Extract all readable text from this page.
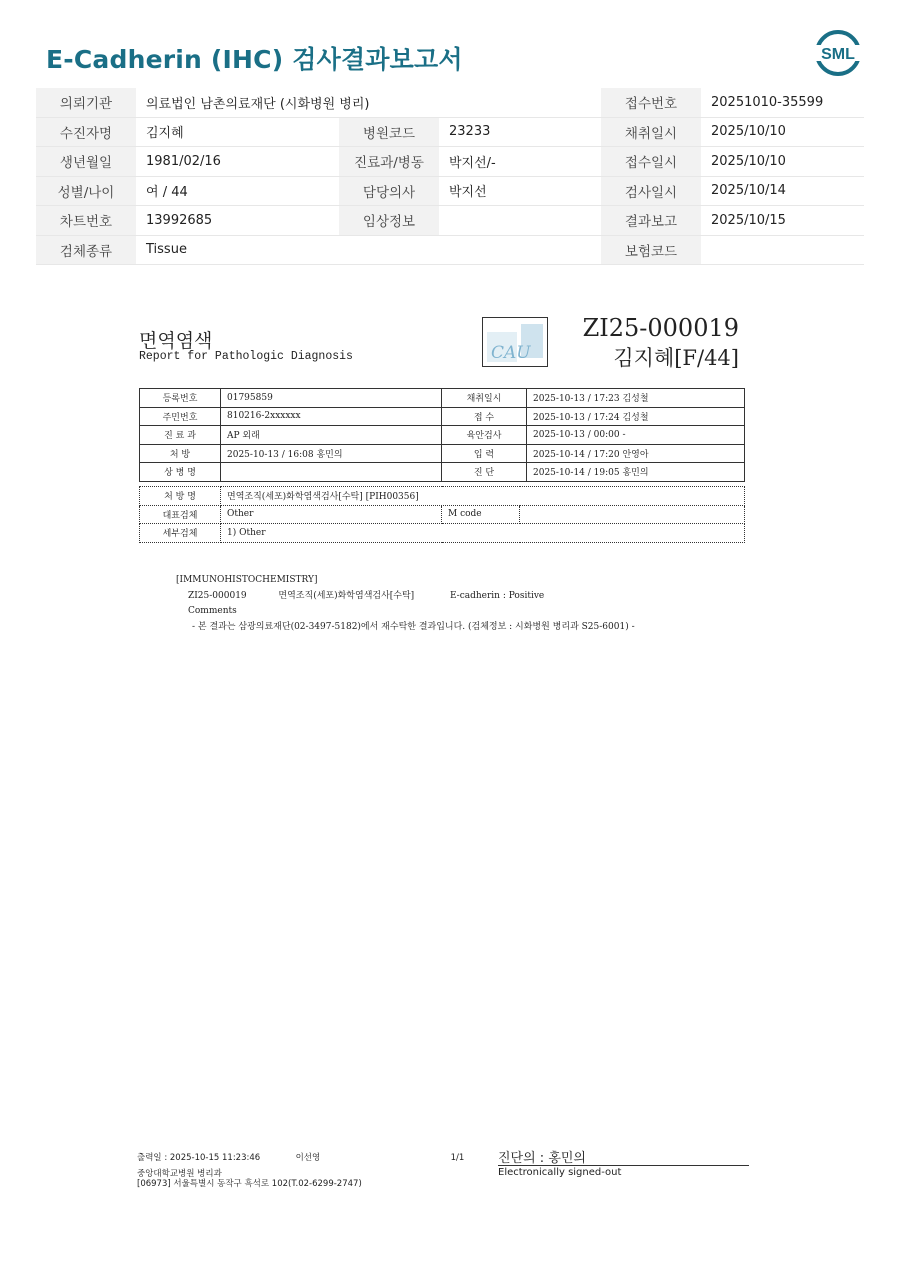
E-Cadherin (IHC) 검사결과보고서	SML
의뢰기관	의료법인 남촌의료재단 (시화병원 병리)			접수번호	20251010-35599
수진자명	김지혜	병원코드	23233	채취일시	2025/10/10
생년월일	1981/02/16	진료과/병동	박지선/-	접수일시	2025/10/10
성별/나이	여 / 44	담당의사	박지선	검사일시	2025/10/14
차트번호	13992685	임상정보		결과보고	2025/10/15
검체종류	Tissue			보험코드	
면역염색
Report for Pathologic Diagnosis	CAU
ZI25-000019
김지혜[F/44]
등록번호	01795859	채취일시	2025-10-13 / 17:23 김성철
주민번호	810216-2xxxxxx	접 수	2025-10-13 / 17:24 김성철
진 료 과	AP 외래	육안검사	2025-10-13 / 00:00 -
처 방	2025-10-13 / 16:08 홍민의	입 력	2025-10-14 / 17:20 안영아
상 병 명		진 단	2025-10-14 / 19:05 홍민의
처 방 명	면역조직(세포)화학염색검사[수탁] [PIH00356]		
대표검체	Other	M code	
세부검체	1) Other		
[IMMUNOHISTOCHEMISTRY]
ZI25-000019	면역조직(세포)화학염색검사[수탁]	E-cadherin : Positive
Comments
- 본 결과는 삼광의료재단(02-3497-5182)에서 재수탁한 결과입니다. (검체정보 : 시화병원 병리과 S25-6001) -
출력일 : 2025-10-15 11:23:46	이선영	1/1	진단의 : 홍민의
중앙대학교병원 병리과
[06973] 서울특별시 동작구 흑석로 102(T.02-6299-2747)
Electronically signed-out
